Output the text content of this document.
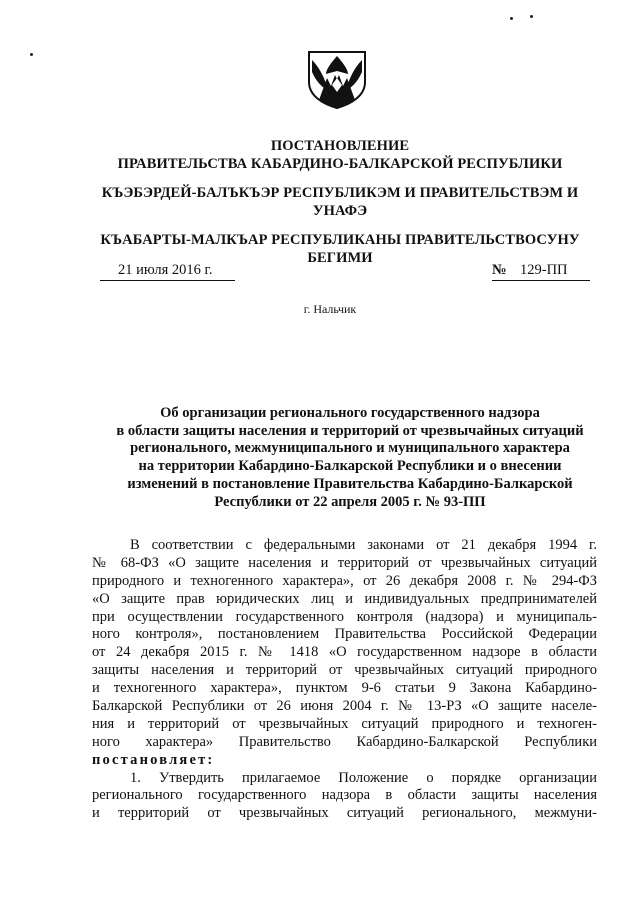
ПОСТАНОВЛЕНИЕ
ПРАВИТЕЛЬСТВА КАБАРДИНО-БАЛКАРСКОЙ РЕСПУБЛИКИ
КЪЭБЭРДЕЙ-БАЛЪКЪЭР РЕСПУБЛИКЭМ И ПРАВИТЕЛЬСТВЭМ И
УНАФЭ
КЪАБАРТЫ-МАЛКЪАР РЕСПУБЛИКАНЫ ПРАВИТЕЛЬСТВОСУНУ
БЕГИМИ
21 июля 2016 г.	№ 129-ПП
г. Нальчик
Об организации регионального государственного надзора
в области защиты населения и территорий от чрезвычайных ситуаций
регионального, межмуниципального и муниципального характера
на территории Кабардино-Балкарской Республики и о внесении
изменений в постановление Правительства Кабардино-Балкарской
Республики от 22 апреля 2005 г. № 93-ПП
В соответствии с федеральными законами от 21 декабря 1994 г.
№ 68-ФЗ «О защите населения и территорий от чрезвычайных ситуаций
природного и техногенного характера», от 26 декабря 2008 г. № 294-ФЗ
«О защите прав юридических лиц и индивидуальных предпринимателей
при осуществлении государственного контроля (надзора) и муниципаль-
ного контроля», постановлением Правительства Российской Федерации
от 24 декабря 2015 г. № 1418 «О государственном надзоре в области
защиты населения и территорий от чрезвычайных ситуаций природного
и техногенного характера», пунктом 9-6 статьи 9 Закона Кабардино-
Балкарской Республики от 26 июня 2004 г. № 13-РЗ «О защите населе-
ния и территорий от чрезвычайных ситуаций природного и техноген-
ного характера» Правительство Кабардино-Балкарской Республики
постановляет:
1. Утвердить прилагаемое Положение о порядке организации
регионального государственного надзора в области защиты населения
и территорий от чрезвычайных ситуаций регионального, межмуни-
